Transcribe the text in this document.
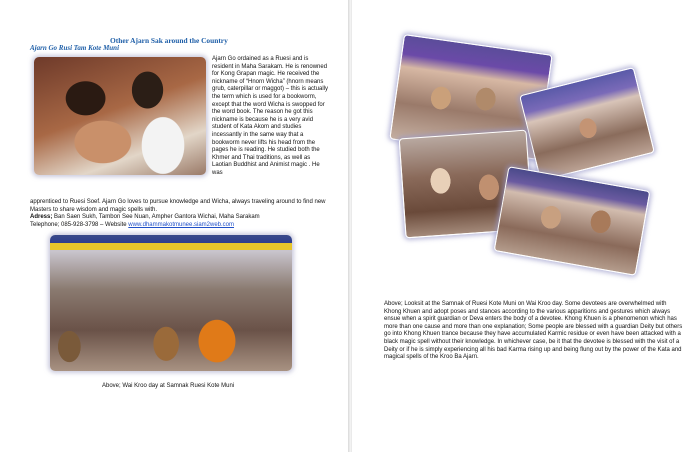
Other Ajarn Sak around the Country
Ajarn Go Rusi Tam Kote Muni
Ajarn Go ordained as a Ruesi and is resident in Maha Sarakam. He is renowned for Kong Grapan magic. He received the nickname of “Hnorn Wicha” (hnorn means grub, caterpillar or maggot) – this is actually the term which is used for a bookworm, except that the word Wicha is swopped for the word book. The reason he got this nickname is because he is a very avid student of Kata Akom and studies incessantly in the same way that a bookworm never lifts his head from the pages he is reading. He studied both the Khmer and Thai traditions, as well as Laotian Buddhist and Animist magic . He was
apprenticed to Ruesi Soef. Ajarn Go loves to pursue knowledge and Wicha, always traveling around to find new Masters to share wisdom and magic spells with.
Adress; Ban Saen Sukh, Tambon See Nuan, Ampher Gantora Wichai, Maha Sarakam
Telephone; 085-928-3798 – Website www.dhammakotmunee.siam2web.com
Above; Wai Kroo day at Samnak Ruesi Kote Muni
Above; Looksit at the Samnak of Ruesi Kote Muni on Wai Kroo day. Some devotees are overwhelmed with Khong Khuen and adopt poses and stances according to the various apparitions and gestures which always ensue when a spirit guardian or Deva enters the body of a devotee. Khong Khuen is a phenomenon which has more than one cause and more than one explanation; Some people are blessed with a guardian Deity but others go into Khong Khuen trance because they have accumulated Karmic residue or even have been attacked with a black magic spell without their knowledge. In whichever case, be it that the devotee is blessed with the visit of a Deity or if he is simply experiencing all his bad Karma rising up and being flung out by the power of the Kata and magical spells of the Kroo Ba Ajarn.
